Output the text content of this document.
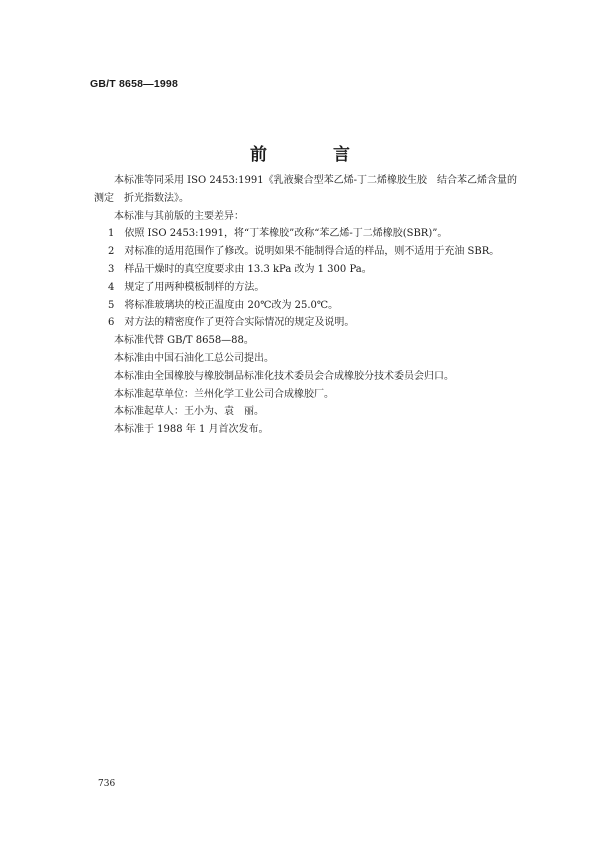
GB/T 8658—1998
前 言

本标准等同采用 ISO 2453:1991《乳液聚合型苯乙烯-丁二烯橡胶生胶　结合苯乙烯含量的测定　折光指数法》。

本标准与其前版的主要差异：

1　依照 ISO 2453:1991，将“丁苯橡胶”改称“苯乙烯-丁二烯橡胶(SBR)”。

2　对标准的适用范围作了修改。说明如果不能制得合适的样品，则不适用于充油 SBR。

3　样品干燥时的真空度要求由 13.3 kPa 改为 1 300 Pa。

4　规定了用两种模板制样的方法。

5　将标准玻璃块的校正温度由 20℃改为 25.0℃。

6　对方法的精密度作了更符合实际情况的规定及说明。

本标准代替 GB/T 8658—88。

本标准由中国石油化工总公司提出。

本标准由全国橡胶与橡胶制品标准化技术委员会合成橡胶分技术委员会归口。

本标准起草单位：兰州化学工业公司合成橡胶厂。

本标准起草人：王小为、袁　丽。

本标准于 1988 年 1 月首次发布。

736
